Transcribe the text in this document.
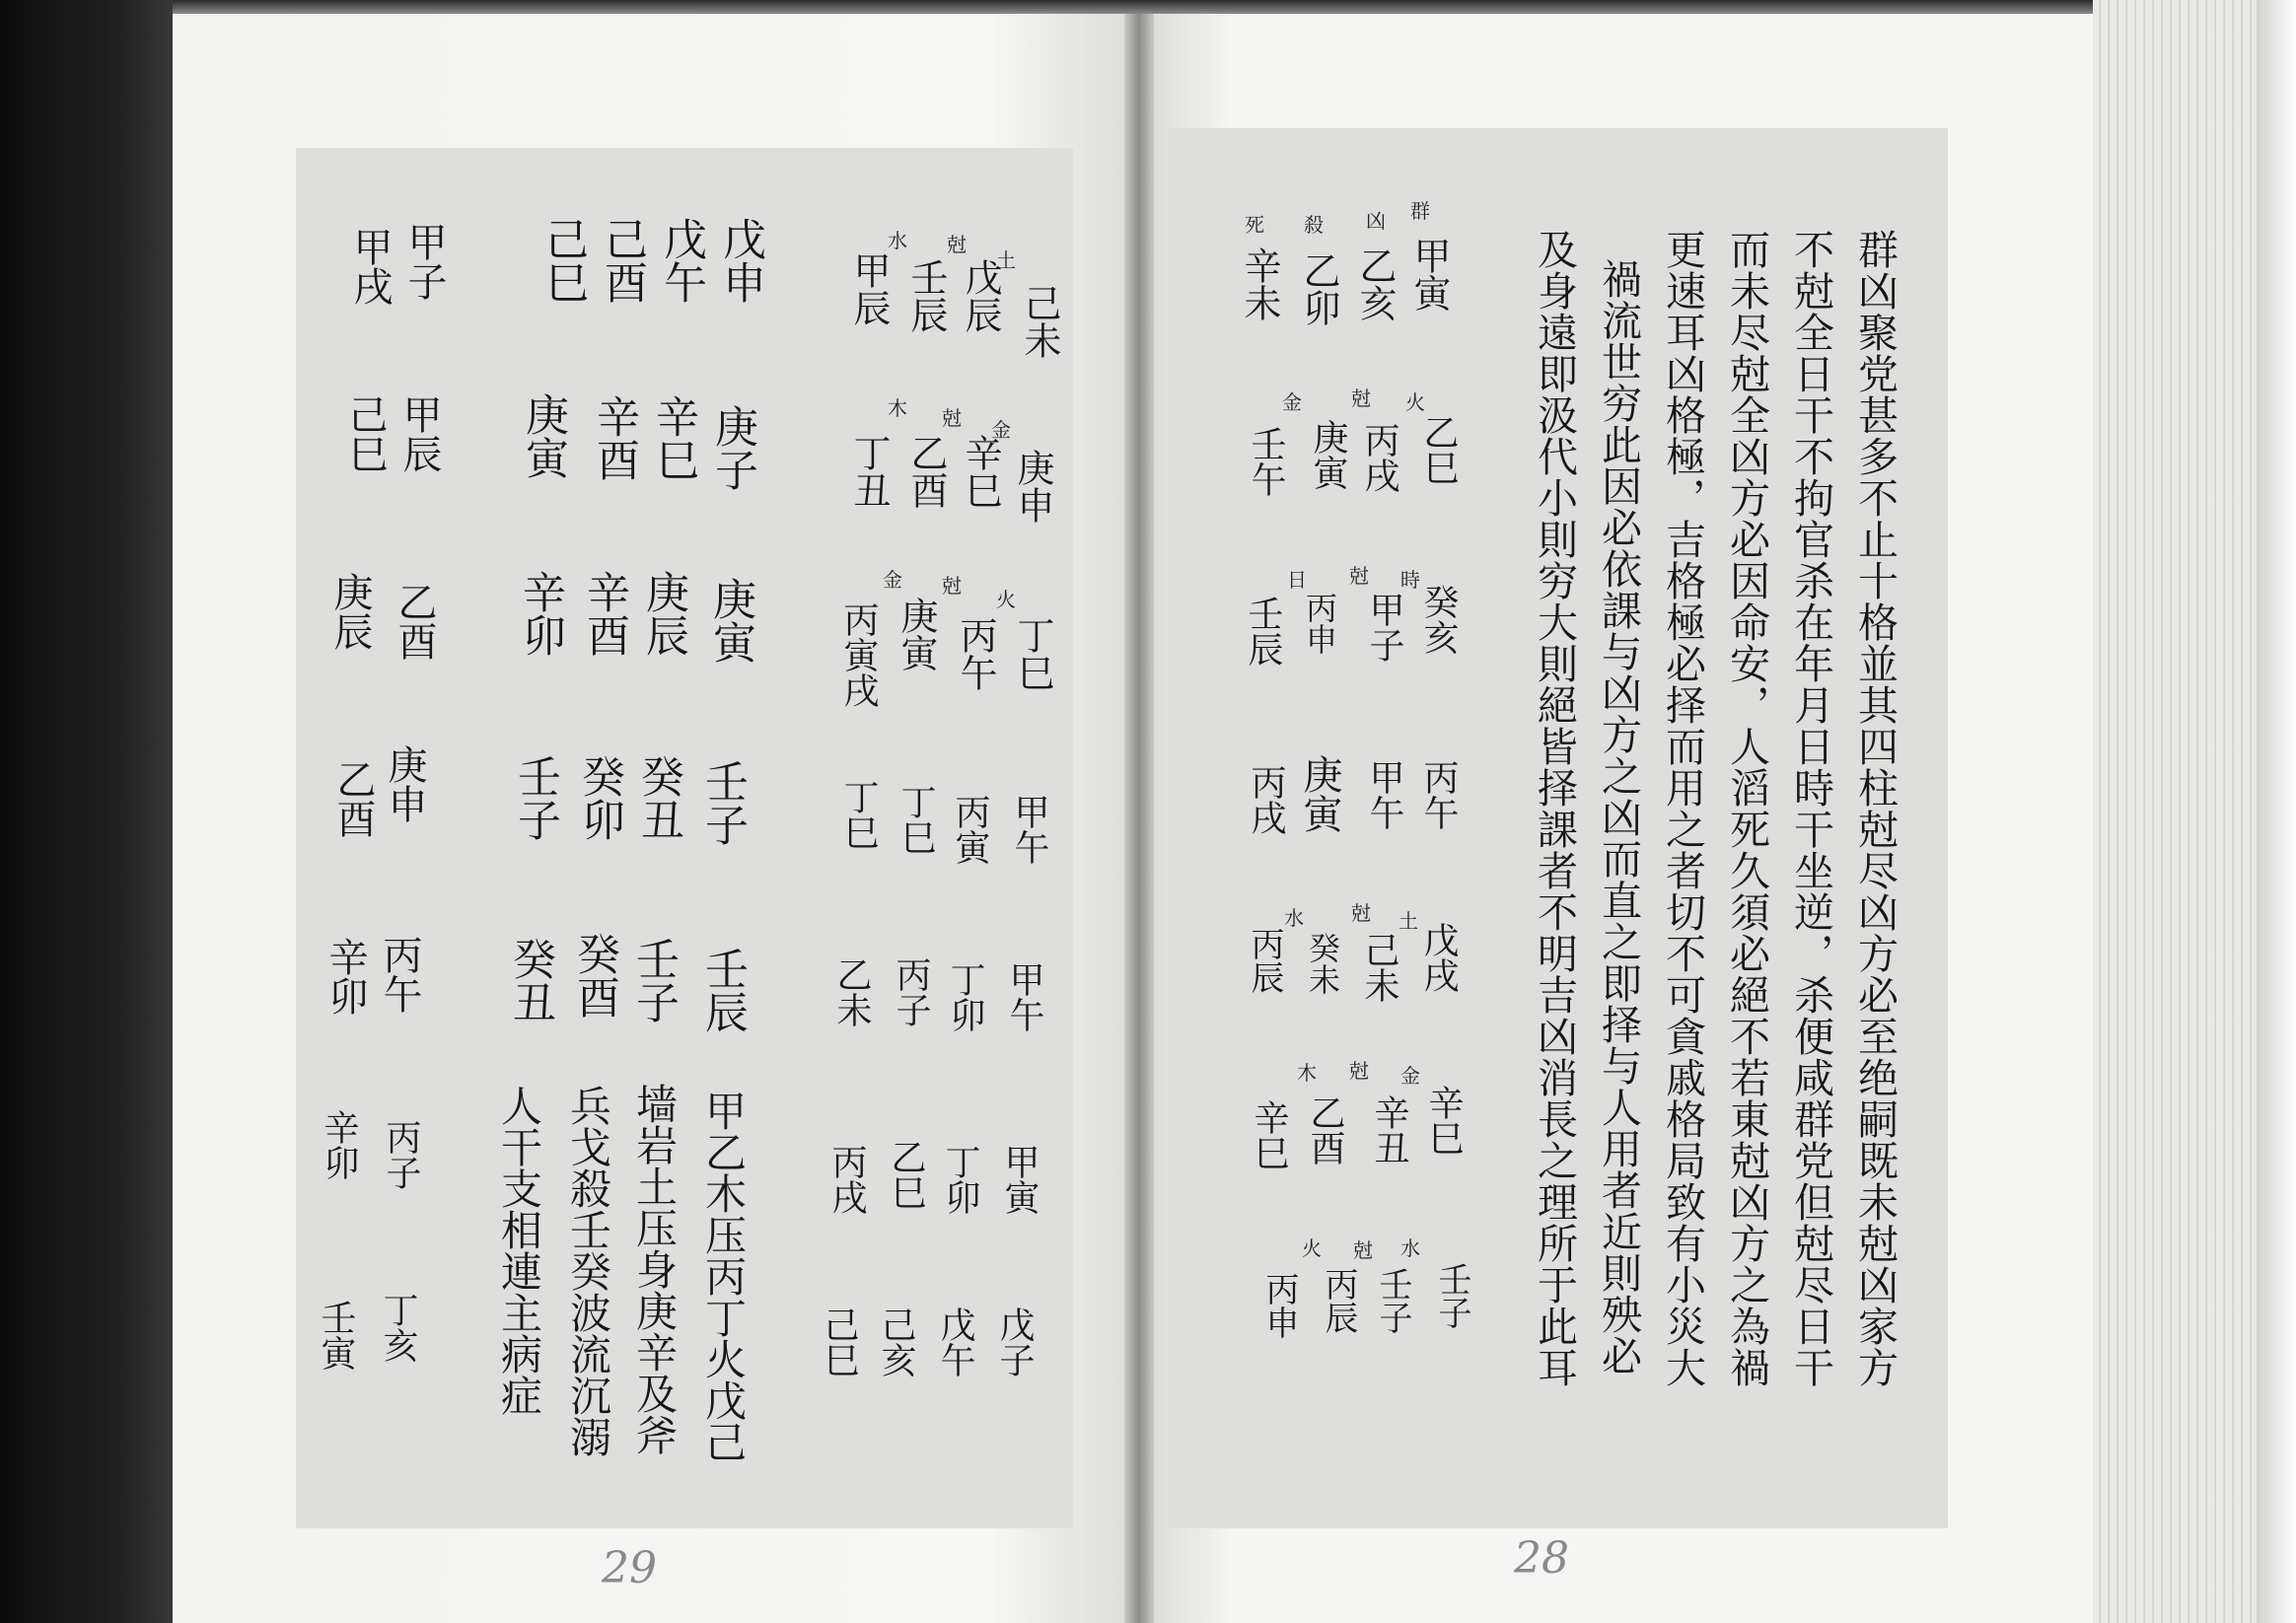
群凶聚党甚多不止十格並其四柱尅尽凶方必至绝嗣既未尅凶家方
不尅全日干不拘官杀在年月日時干坐逆，杀便咸群党但尅尽日干
而未尽尅全凶方必因命安，人滔死久須必絕不若東尅凶方之為禍
更速耳凶格極，吉格極必择而用之者切不可貪戚格局致有小災大
禍流世穷此因必依課与凶方之凶而直之即择与人用者近則殃必
及身遠即汲代小則穷大則絕皆择課者不明吉凶消長之理所于此耳
群
凶
殺
死
甲寅
乙亥
乙卯
辛未
火
尅
金
乙巳
丙戌
庚寅
壬午
時
尅
日
癸亥
甲子
丙申
壬辰
丙午
甲午
庚寅
丙戌
土
尅
水
戊戌
己未
癸未
丙辰
金
尅
木
辛巳
辛丑
乙酉
辛巳
水
尅
火
壬子
壬子
丙辰
丙申
28
土
尅
水
己未
戊辰
壬辰
甲辰
金
尅
木
庚申
辛巳
乙酉
丁丑
火
尅
金
丁巳
丙午
庚寅
丙寅戌
甲午
丙寅
丁巳
丁巳
甲午
丁卯
丙子
乙未
甲寅
丁卯
乙巳
丙戌
戊子
戊午
己亥
己巳
戊申
戊午
己酉
己巳
甲子
甲戌
庚子
辛巳
辛酉
庚寅
甲辰
己巳
庚寅
庚辰
辛酉
辛卯
乙酉
庚辰
壬子
癸丑
癸卯
壬子
庚申
乙酉
壬辰
壬子
癸酉
癸丑
丙午
辛卯
甲乙木压丙丁火戊己
墙岩土压身庚辛及斧
兵戈殺壬癸波流沉溺
人干支相連主病症
丙子
辛卯
丁亥
壬寅
29
